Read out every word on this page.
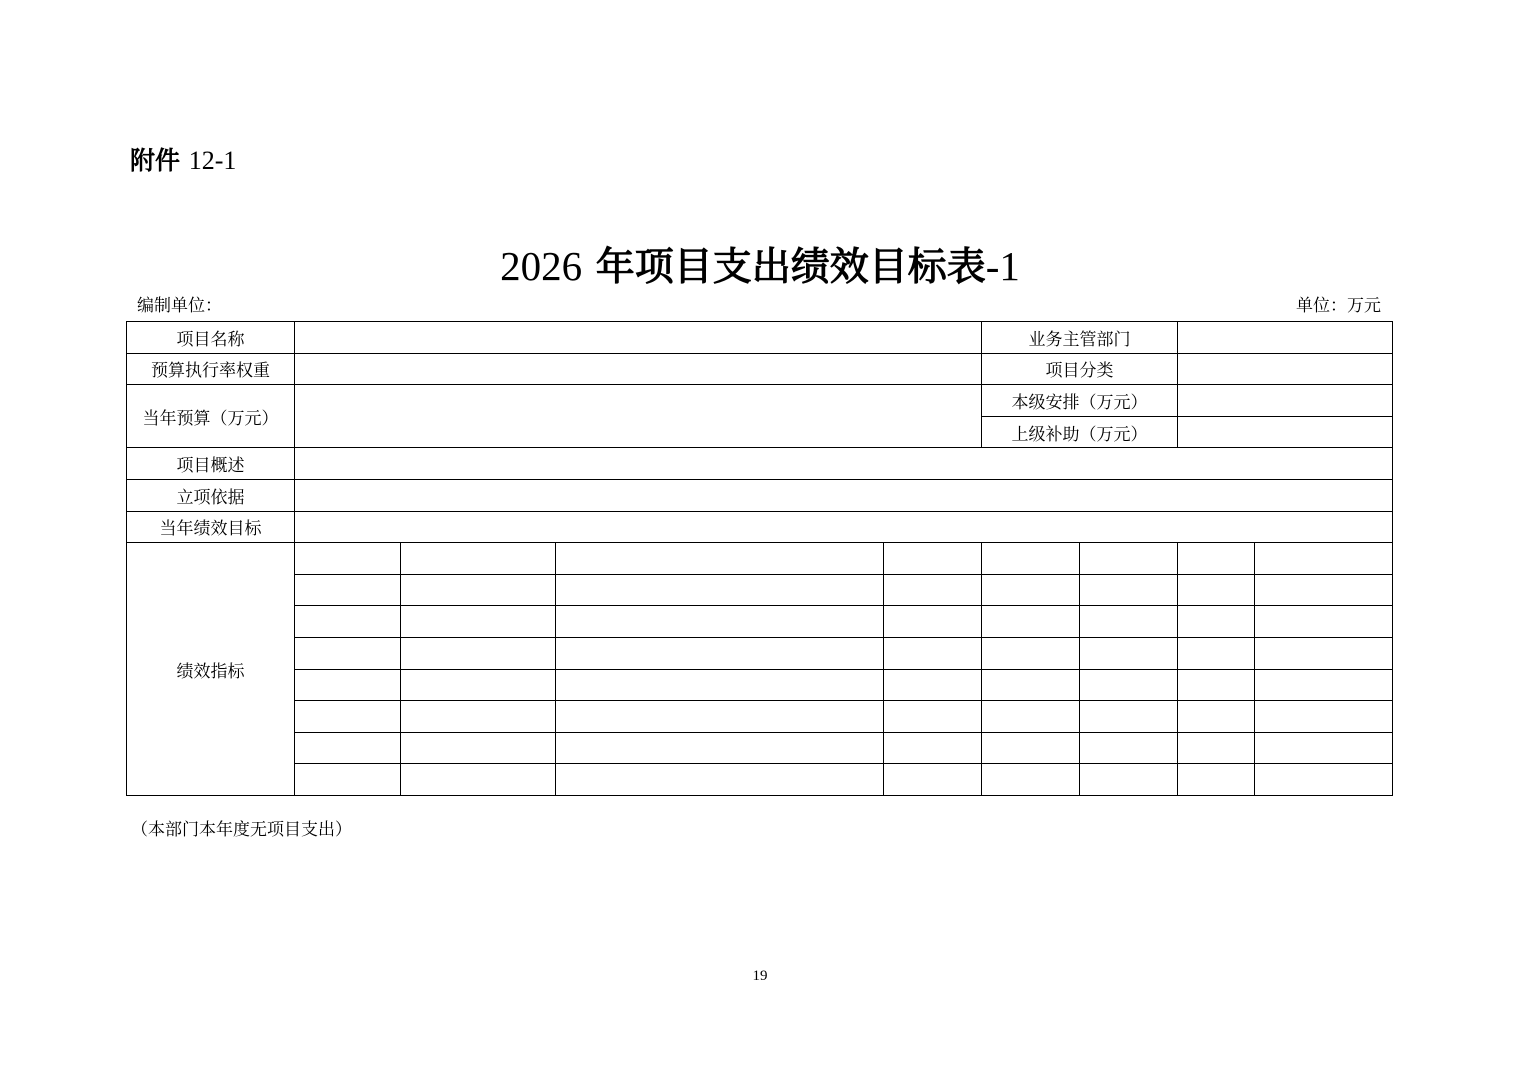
附件 12-1
2026 年项目支出绩效目标表-1
编制单位：	单位：万元
项目名称					业务主管部门			
预算执行率权重					项目分类			
当年预算（万元）					本级安排（万元）			
					上级补助（万元）			
项目概述								
立项依据								
当年绩效目标								
绩效指标								

（本部门本年度无项目支出）
19
